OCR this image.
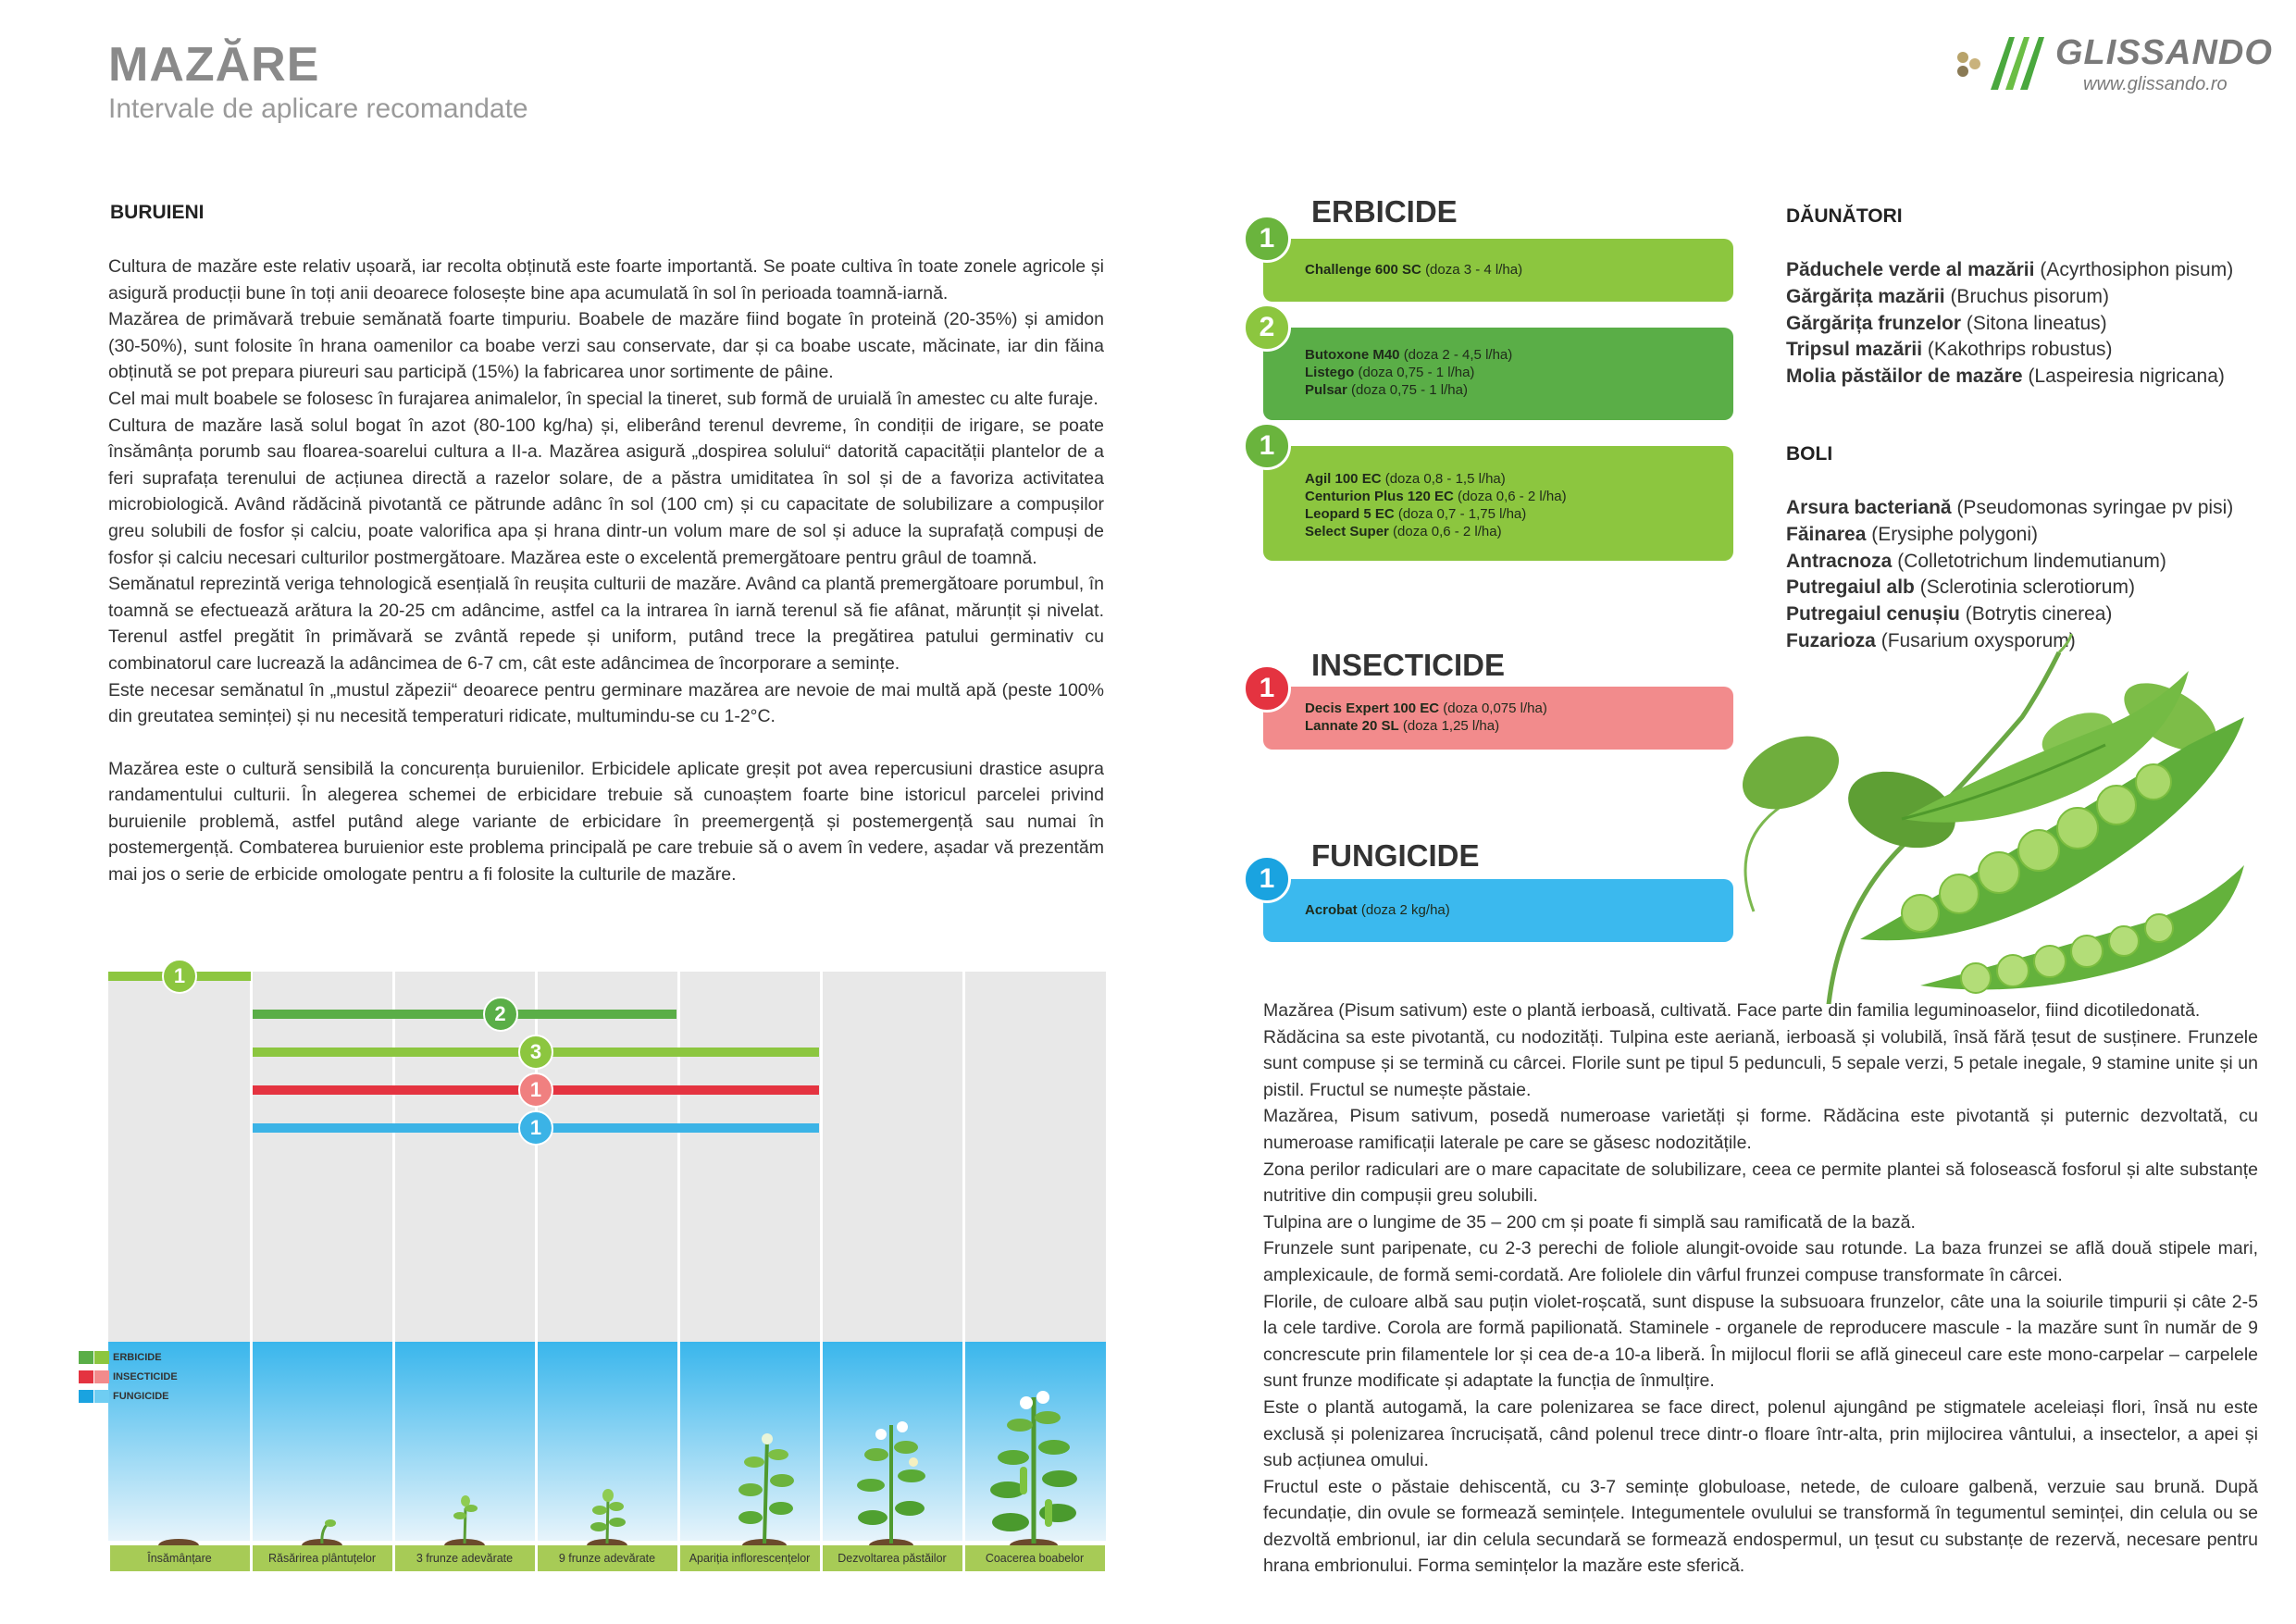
MAZĂRE
Intervale de aplicare recomandate
GLISSANDO
www.glissando.ro
BURUIENI

Cultura de mazăre este relativ ușoară, iar recolta obținută este foarte importantă. Se poate cultiva în toate zonele agricole și asigură producții bune în toți anii deoarece folosește bine apa acumulată în sol în perioada toamnă-iarnă.

Mazărea de primăvară trebuie semănată foarte timpuriu. Boabele de mazăre fiind bogate în proteină (20-35%) și amidon (30-50%), sunt folosite în hrana oamenilor ca boabe verzi sau conservate, dar și ca boabe uscate, măcinate, iar din făina obținută se pot prepara piureuri sau participă (15%) la fabricarea unor sortimente de pâine.

Cel mai mult boabele se folosesc în furajarea animalelor, în special la tineret, sub formă de uruială în amestec cu alte furaje.

Cultura de mazăre lasă solul bogat în azot (80-100 kg/ha) și, eliberând terenul devreme, în condiții de irigare, se poate însămânța porumb sau floarea-soarelui cultura a II-a. Mazărea asigură „dospirea solului“ datorită capacității plantelor de a feri suprafața terenului de acțiunea directă a razelor solare, de a păstra umiditatea în sol și de a favoriza activitatea microbiologică. Având rădăcină pivotantă ce pătrunde adânc în sol (100 cm) și cu capacitate de solubilizare a compușilor greu solubili de fosfor și calciu, poate valorifica apa și hrana dintr-un volum mare de sol și aduce la suprafață compuși de fosfor și calciu necesari culturilor postmergătoare. Mazărea este o excelentă premergătoare pentru grâul de toamnă.

Semănatul reprezintă veriga tehnologică esențială în reușita culturii de mazăre. Având ca plantă premergătoare porumbul, în toamnă se efectuează arătura la 20-25 cm adâncime, astfel ca la intrarea în iarnă terenul să fie afânat, mărunțit și nivelat. Terenul astfel pregătit în primăvară se zvântă repede și uniform, putând trece la pregătirea patului germinativ cu combinatorul care lucrează la adâncimea de 6-7 cm, cât este adâncimea de încorporare a semințe.

Este necesar semănatul în „mustul zăpezii“ deoarece pentru germinare mazărea are nevoie de mai multă apă (peste 100% din greutatea seminței) și nu necesită temperaturi ridicate, multumindu-se cu 1-2°C.

Mazărea este o cultură sensibilă la concurența buruienilor. Erbicidele aplicate greșit pot avea repercusiuni drastice asupra randamentului culturii. În alegerea schemei de erbicidare trebuie să cunoaștem foarte bine istoricul parcelei privind buruienile problemă, astfel putând alege variante de erbicidare în preemergență și postemergență sau numai în postemergență. Combaterea buruienior este problema principală pe care trebuie să o avem în vedere, așadar vă prezentăm mai jos o serie de erbicide omologate pentru a fi folosite la culturile de mazăre.

ERBICIDE
INSECTICIDE
FUNGICIDE
1
2
3
1
1
Însămânțare	Răsărirea plântuțelor	3 frunze adevărate	9 frunze adevărate	Apariția inflorescențelor	Dezvoltarea păstăilor	Coacerea boabelor
ERBICIDE
1
Challenge 600 SC (doza 3 - 4 l/ha)
2
Butoxone M40 (doza 2 - 4,5 l/ha)
Listego (doza 0,75 - 1 l/ha)
Pulsar (doza 0,75 - 1 l/ha)
1
Agil 100 EC (doza 0,8 - 1,5 l/ha)
Centurion Plus 120 EC (doza 0,6 - 2 l/ha)
Leopard 5 EC (doza 0,7 - 1,75 l/ha)
Select Super (doza 0,6 - 2 l/ha)
INSECTICIDE
1
Decis Expert 100 EC (doza 0,075 l/ha)
Lannate 20 SL (doza 1,25 l/ha)
FUNGICIDE
1
Acrobat (doza 2 kg/ha)
DĂUNĂTORI
Păduchele verde al mazării (Acyrthosiphon pisum)
Gărgărița mazării (Bruchus pisorum)
Gărgărița frunzelor (Sitona lineatus)
Tripsul mazării (Kakothrips robustus)
Molia păstăilor de mazăre (Laspeiresia nigricana)
BOLI
Arsura bacteriană (Pseudomonas syringae pv pisi)
Făinarea (Erysiphe polygoni)
Antracnoza (Colletotrichum lindemutianum)
Putregaiul alb (Sclerotinia sclerotiorum)
Putregaiul cenușiu (Botrytis cinerea)
Fuzarioza (Fusarium oxysporum)

Mazărea (Pisum sativum) este o plantă ierboasă, cultivată. Face parte din familia leguminoaselor, fiind dicotiledonată.

Rădăcina sa este pivotantă, cu nodozități. Tulpina este aeriană, ierboasă și volubilă, însă fără țesut de susținere. Frunzele sunt compuse și se termină cu cârcei. Florile sunt pe tipul 5 pedunculi, 5 sepale verzi, 5 petale inegale, 9 stamine unite și un pistil. Fructul se numește păstaie.

Mazărea, Pisum sativum, posedă numeroase varietăți și forme. Rădăcina este pivotantă și puternic dezvoltată, cu numeroase ramificații laterale pe care se găsesc nodozitățile.

Zona perilor radiculari are o mare capacitate de solubilizare, ceea ce permite plantei să folosească fosforul și alte substanțe nutritive din compușii greu solubili.

Tulpina are o lungime de 35 – 200 cm și poate fi simplă sau ramificată de la bază.

Frunzele sunt paripenate, cu 2-3 perechi de foliole alungit-ovoide sau rotunde. La baza frunzei se află două stipele mari, amplexicaule, de formă semi-cordată. Are foliolele din vârful frunzei compuse transformate în cârcei.

Florile, de culoare albă sau puțin violet-roșcată, sunt dispuse la subsuoara frunzelor, câte una la soiurile timpurii și câte 2-5 la cele tardive. Corola are formă papilionată. Staminele - organele de reproducere mascule - la mazăre sunt în număr de 9 concrescute prin filamentele lor și cea de-a 10-a liberă. În mijlocul florii se află gineceul care este mono-carpelar – carpelele sunt frunze modificate și adaptate la funcția de înmulțire.

Este o plantă autogamă, la care polenizarea se face direct, polenul ajungând pe stigmatele aceleiași flori, însă nu este exclusă și polenizarea încrucișată, când polenul trece dintr-o floare într-alta, prin mijlocirea vântului, a insectelor, a apei și sub acțiunea omului.

Fructul este o păstaie dehiscentă, cu 3-7 semințe globuloase, netede, de culoare galbenă, verzuie sau brună. După fecundație, din ovule se formează semințele. Integumentele ovulului se transformă în tegumentul seminței, din celula ou se dezvoltă embrionul, iar din celula secundară se formează endospermul, un țesut cu substanțe de rezervă, necesare pentru hrana embrionului. Forma semințelor la mazăre este sferică.
